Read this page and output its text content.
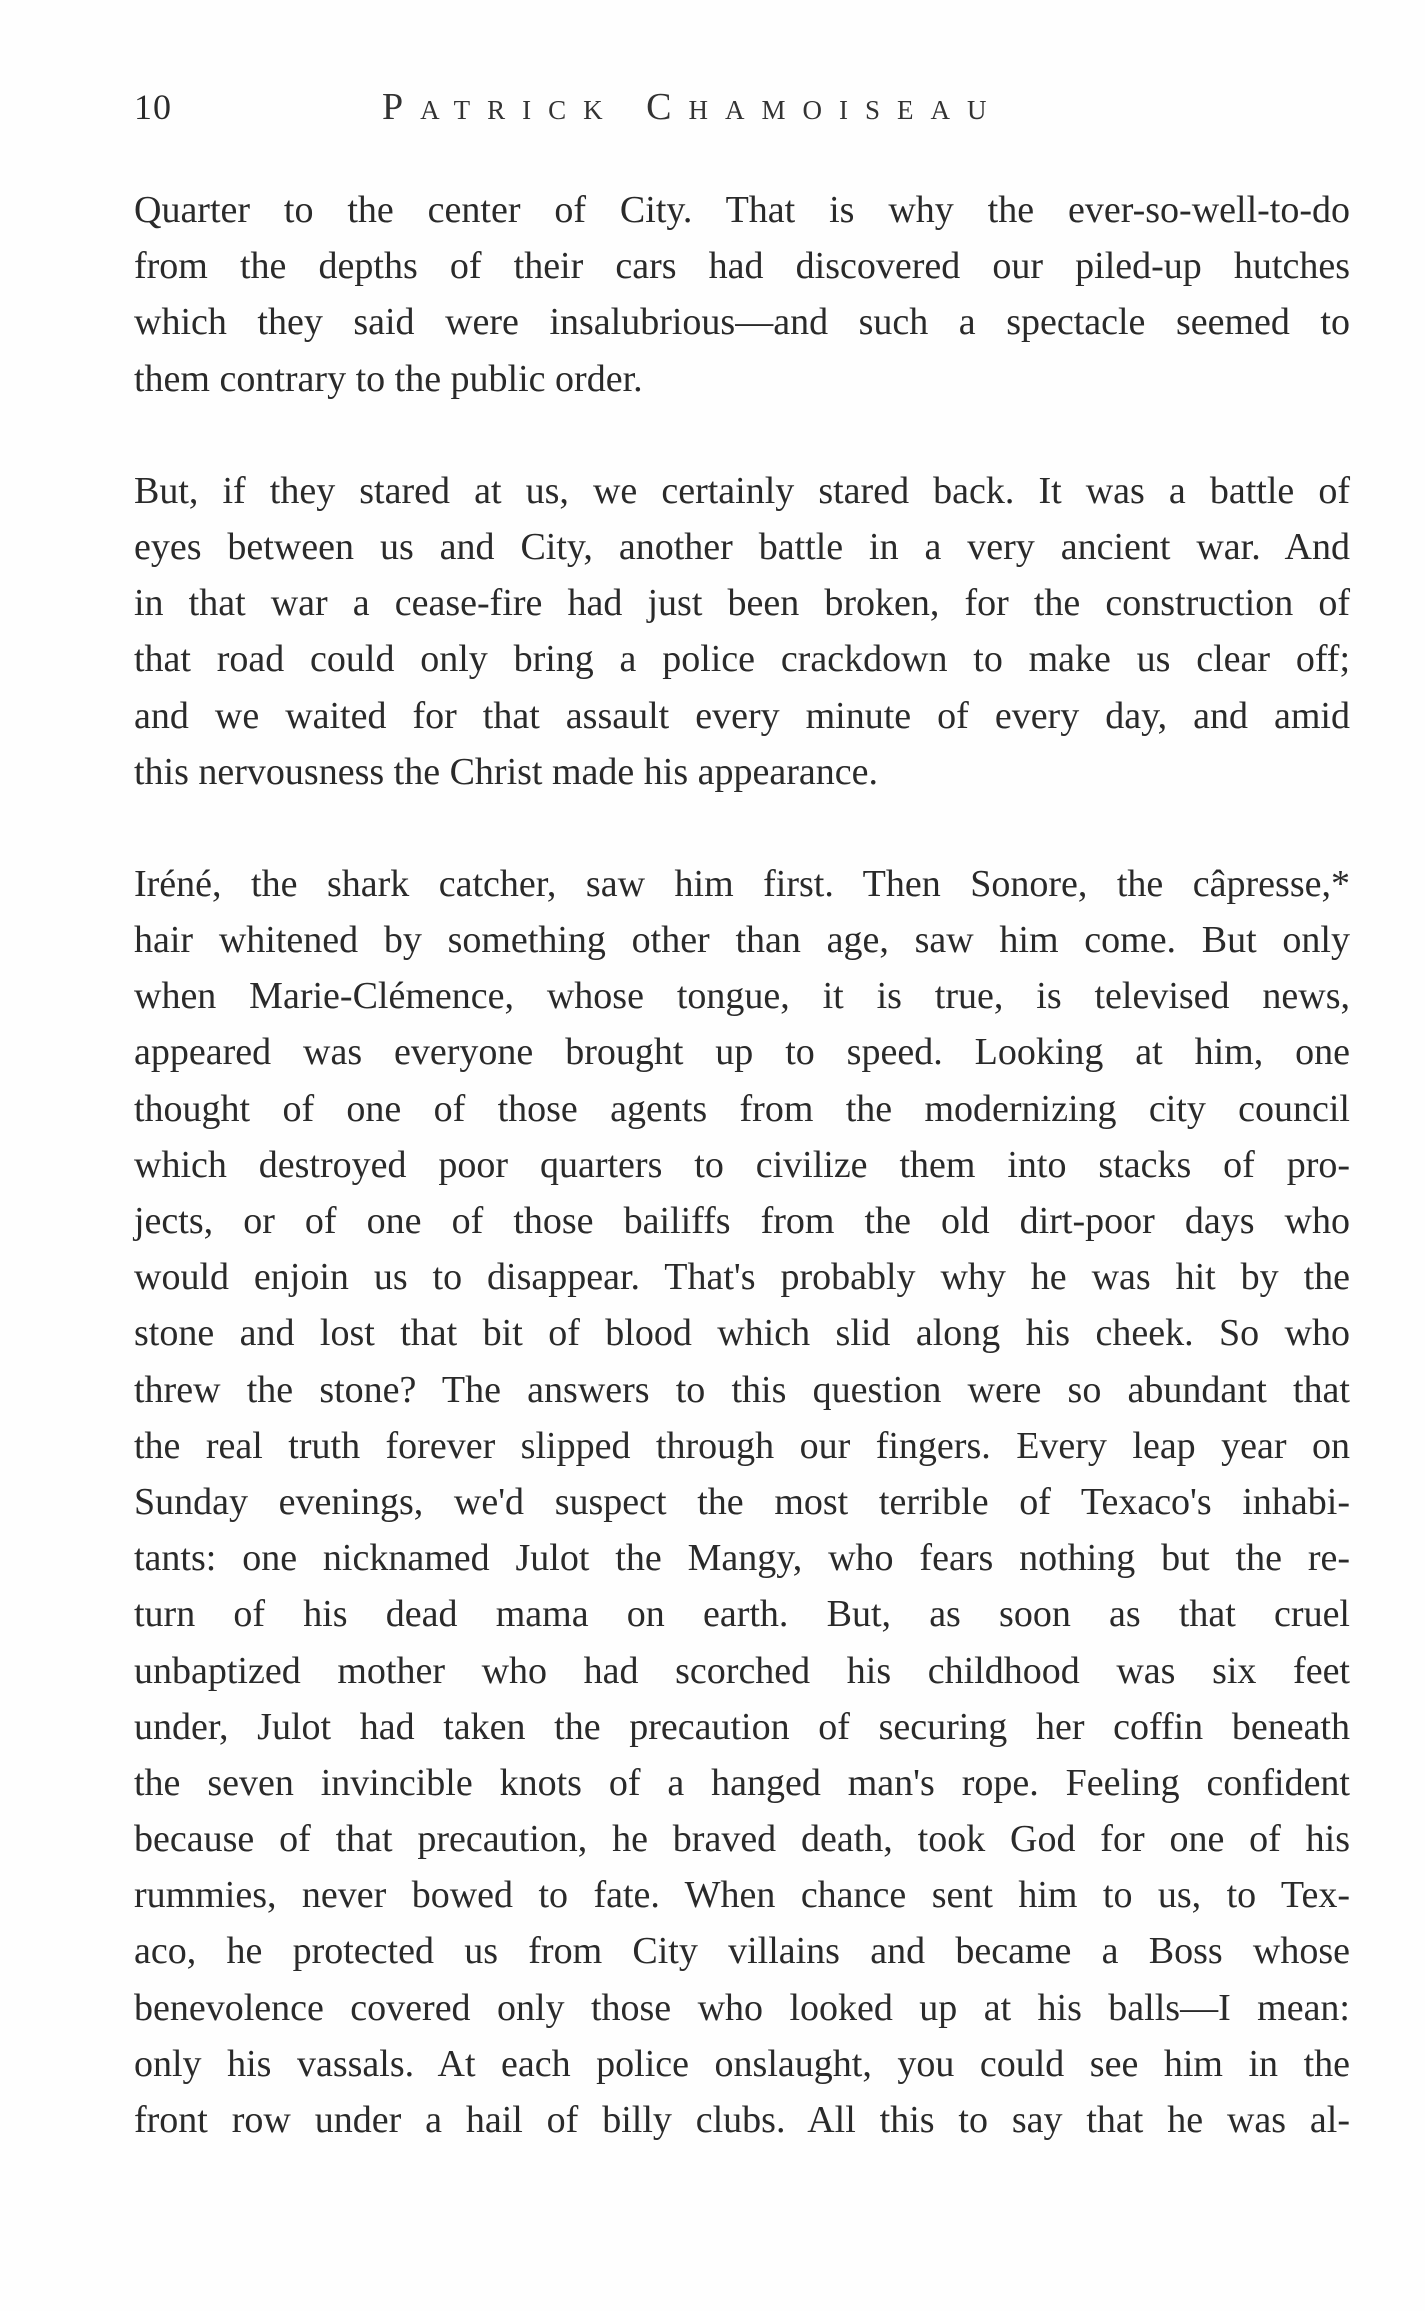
10	Patrick Chamoiseau

Quarter to the center of City. That is why the ever-so-well-to-do
from the depths of their cars had discovered our piled-up hutches
which they said were insalubrious—and such a spectacle seemed to
them contrary to the public order.

But, if they stared at us, we certainly stared back. It was a battle of
eyes between us and City, another battle in a very ancient war. And
in that war a cease-fire had just been broken, for the construction of
that road could only bring a police crackdown to make us clear off;
and we waited for that assault every minute of every day, and amid
this nervousness the Christ made his appearance.

Iréné, the shark catcher, saw him first. Then Sonore, the câpresse,*
hair whitened by something other than age, saw him come. But only
when Marie-Clémence, whose tongue, it is true, is televised news,
appeared was everyone brought up to speed. Looking at him, one
thought of one of those agents from the modernizing city council
which destroyed poor quarters to civilize them into stacks of pro-
jects, or of one of those bailiffs from the old dirt-poor days who
would enjoin us to disappear. That's probably why he was hit by the
stone and lost that bit of blood which slid along his cheek. So who
threw the stone? The answers to this question were so abundant that
the real truth forever slipped through our fingers. Every leap year on
Sunday evenings, we'd suspect the most terrible of Texaco's inhabi-
tants: one nicknamed Julot the Mangy, who fears nothing but the re-
turn of his dead mama on earth. But, as soon as that cruel
unbaptized mother who had scorched his childhood was six feet
under, Julot had taken the precaution of securing her coffin beneath
the seven invincible knots of a hanged man's rope. Feeling confident
because of that precaution, he braved death, took God for one of his
rummies, never bowed to fate. When chance sent him to us, to Tex-
aco, he protected us from City villains and became a Boss whose
benevolence covered only those who looked up at his balls—I mean:
only his vassals. At each police onslaught, you could see him in the
front row under a hail of billy clubs. All this to say that he was al-
